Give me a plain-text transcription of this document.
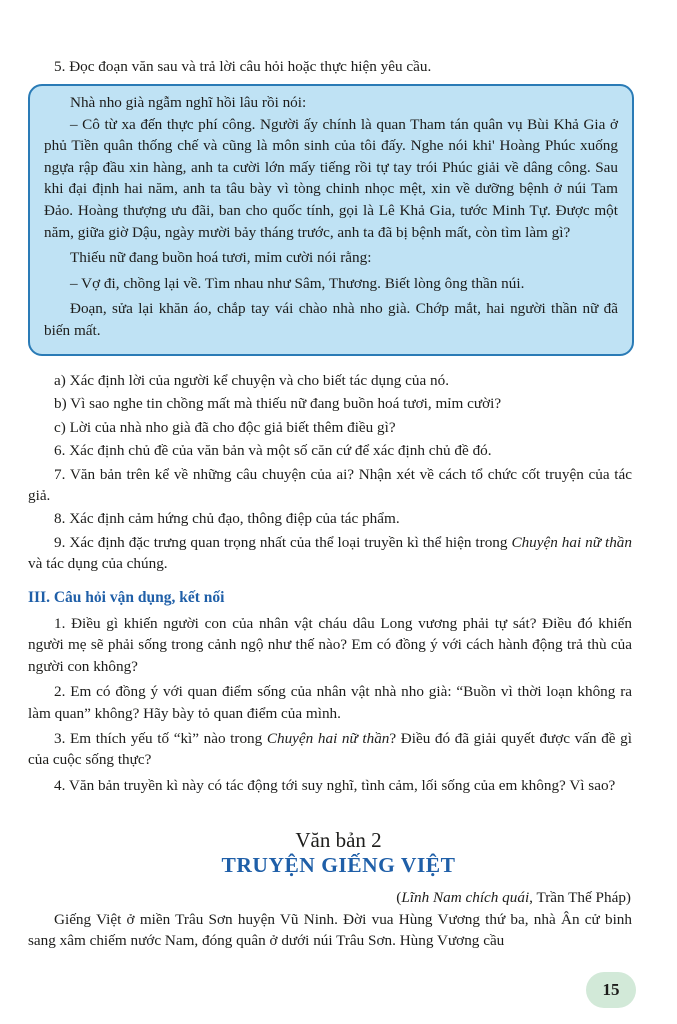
5. Đọc đoạn văn sau và trả lời câu hỏi hoặc thực hiện yêu cầu.

Nhà nho già ngẫm nghĩ hồi lâu rồi nói:

– Cô từ xa đến thực phí công. Người ấy chính là quan Tham tán quân vụ Bùi Khả Gia ở phủ Tiền quân thống chế và cũng là môn sinh của tôi đấy. Nghe nói khi' Hoàng Phúc xuống ngựa rập đầu xin hàng, anh ta cười lớn mấy tiếng rồi tự tay trói Phúc giải về dâng công. Sau khi đại định hai năm, anh ta tâu bày vì tòng chinh nhọc mệt, xin về dưỡng bệnh ở núi Tam Đảo. Hoàng thượng ưu đãi, ban cho quốc tính, gọi là Lê Khả Gia, tước Minh Tự. Được một năm, giữa giờ Dậu, ngày mười bảy tháng trước, anh ta đã bị bệnh mất, còn tìm làm gì?

Thiếu nữ đang buồn hoá tươi, mỉm cười nói rằng:

– Vợ đi, chồng lại về. Tìm nhau như Sâm, Thương. Biết lòng ông thần núi.

Đoạn, sửa lại khăn áo, chắp tay vái chào nhà nho già. Chớp mắt, hai người thần nữ đã biến mất.

a) Xác định lời của người kể chuyện và cho biết tác dụng của nó.

b) Vì sao nghe tin chồng mất mà thiếu nữ đang buồn hoá tươi, mỉm cười?

c) Lời của nhà nho già đã cho độc giả biết thêm điều gì?

6. Xác định chủ đề của văn bản và một số căn cứ để xác định chủ đề đó.

7. Văn bản trên kể về những câu chuyện của ai? Nhận xét về cách tổ chức cốt truyện của tác giả.

8. Xác định cảm hứng chủ đạo, thông điệp của tác phẩm.

9. Xác định đặc trưng quan trọng nhất của thể loại truyền kì thể hiện trong Chuyện hai nữ thần và tác dụng của chúng.

III. Câu hỏi vận dụng, kết nối

1. Điều gì khiến người con của nhân vật cháu dâu Long vương phải tự sát? Điều đó khiến người mẹ sẽ phải sống trong cảnh ngộ như thế nào? Em có đồng ý với cách hành động trả thù của người con không?

2. Em có đồng ý với quan điểm sống của nhân vật nhà nho già: “Buồn vì thời loạn không ra làm quan” không? Hãy bày tỏ quan điểm của mình.

3. Em thích yếu tố “kì” nào trong Chuyện hai nữ thần? Điều đó đã giải quyết được vấn đề gì của cuộc sống thực?

4. Văn bản truyền kì này có tác động tới suy nghĩ, tình cảm, lối sống của em không? Vì sao?

Văn bản 2

TRUYỆN GIẾNG VIỆT

(Lĩnh Nam chích quái, Trần Thế Pháp)

Giếng Việt ở miền Trâu Sơn huyện Vũ Ninh. Đời vua Hùng Vương thứ ba, nhà Ân cử binh sang xâm chiếm nước Nam, đóng quân ở dưới núi Trâu Sơn. Hùng Vương cầu

15
